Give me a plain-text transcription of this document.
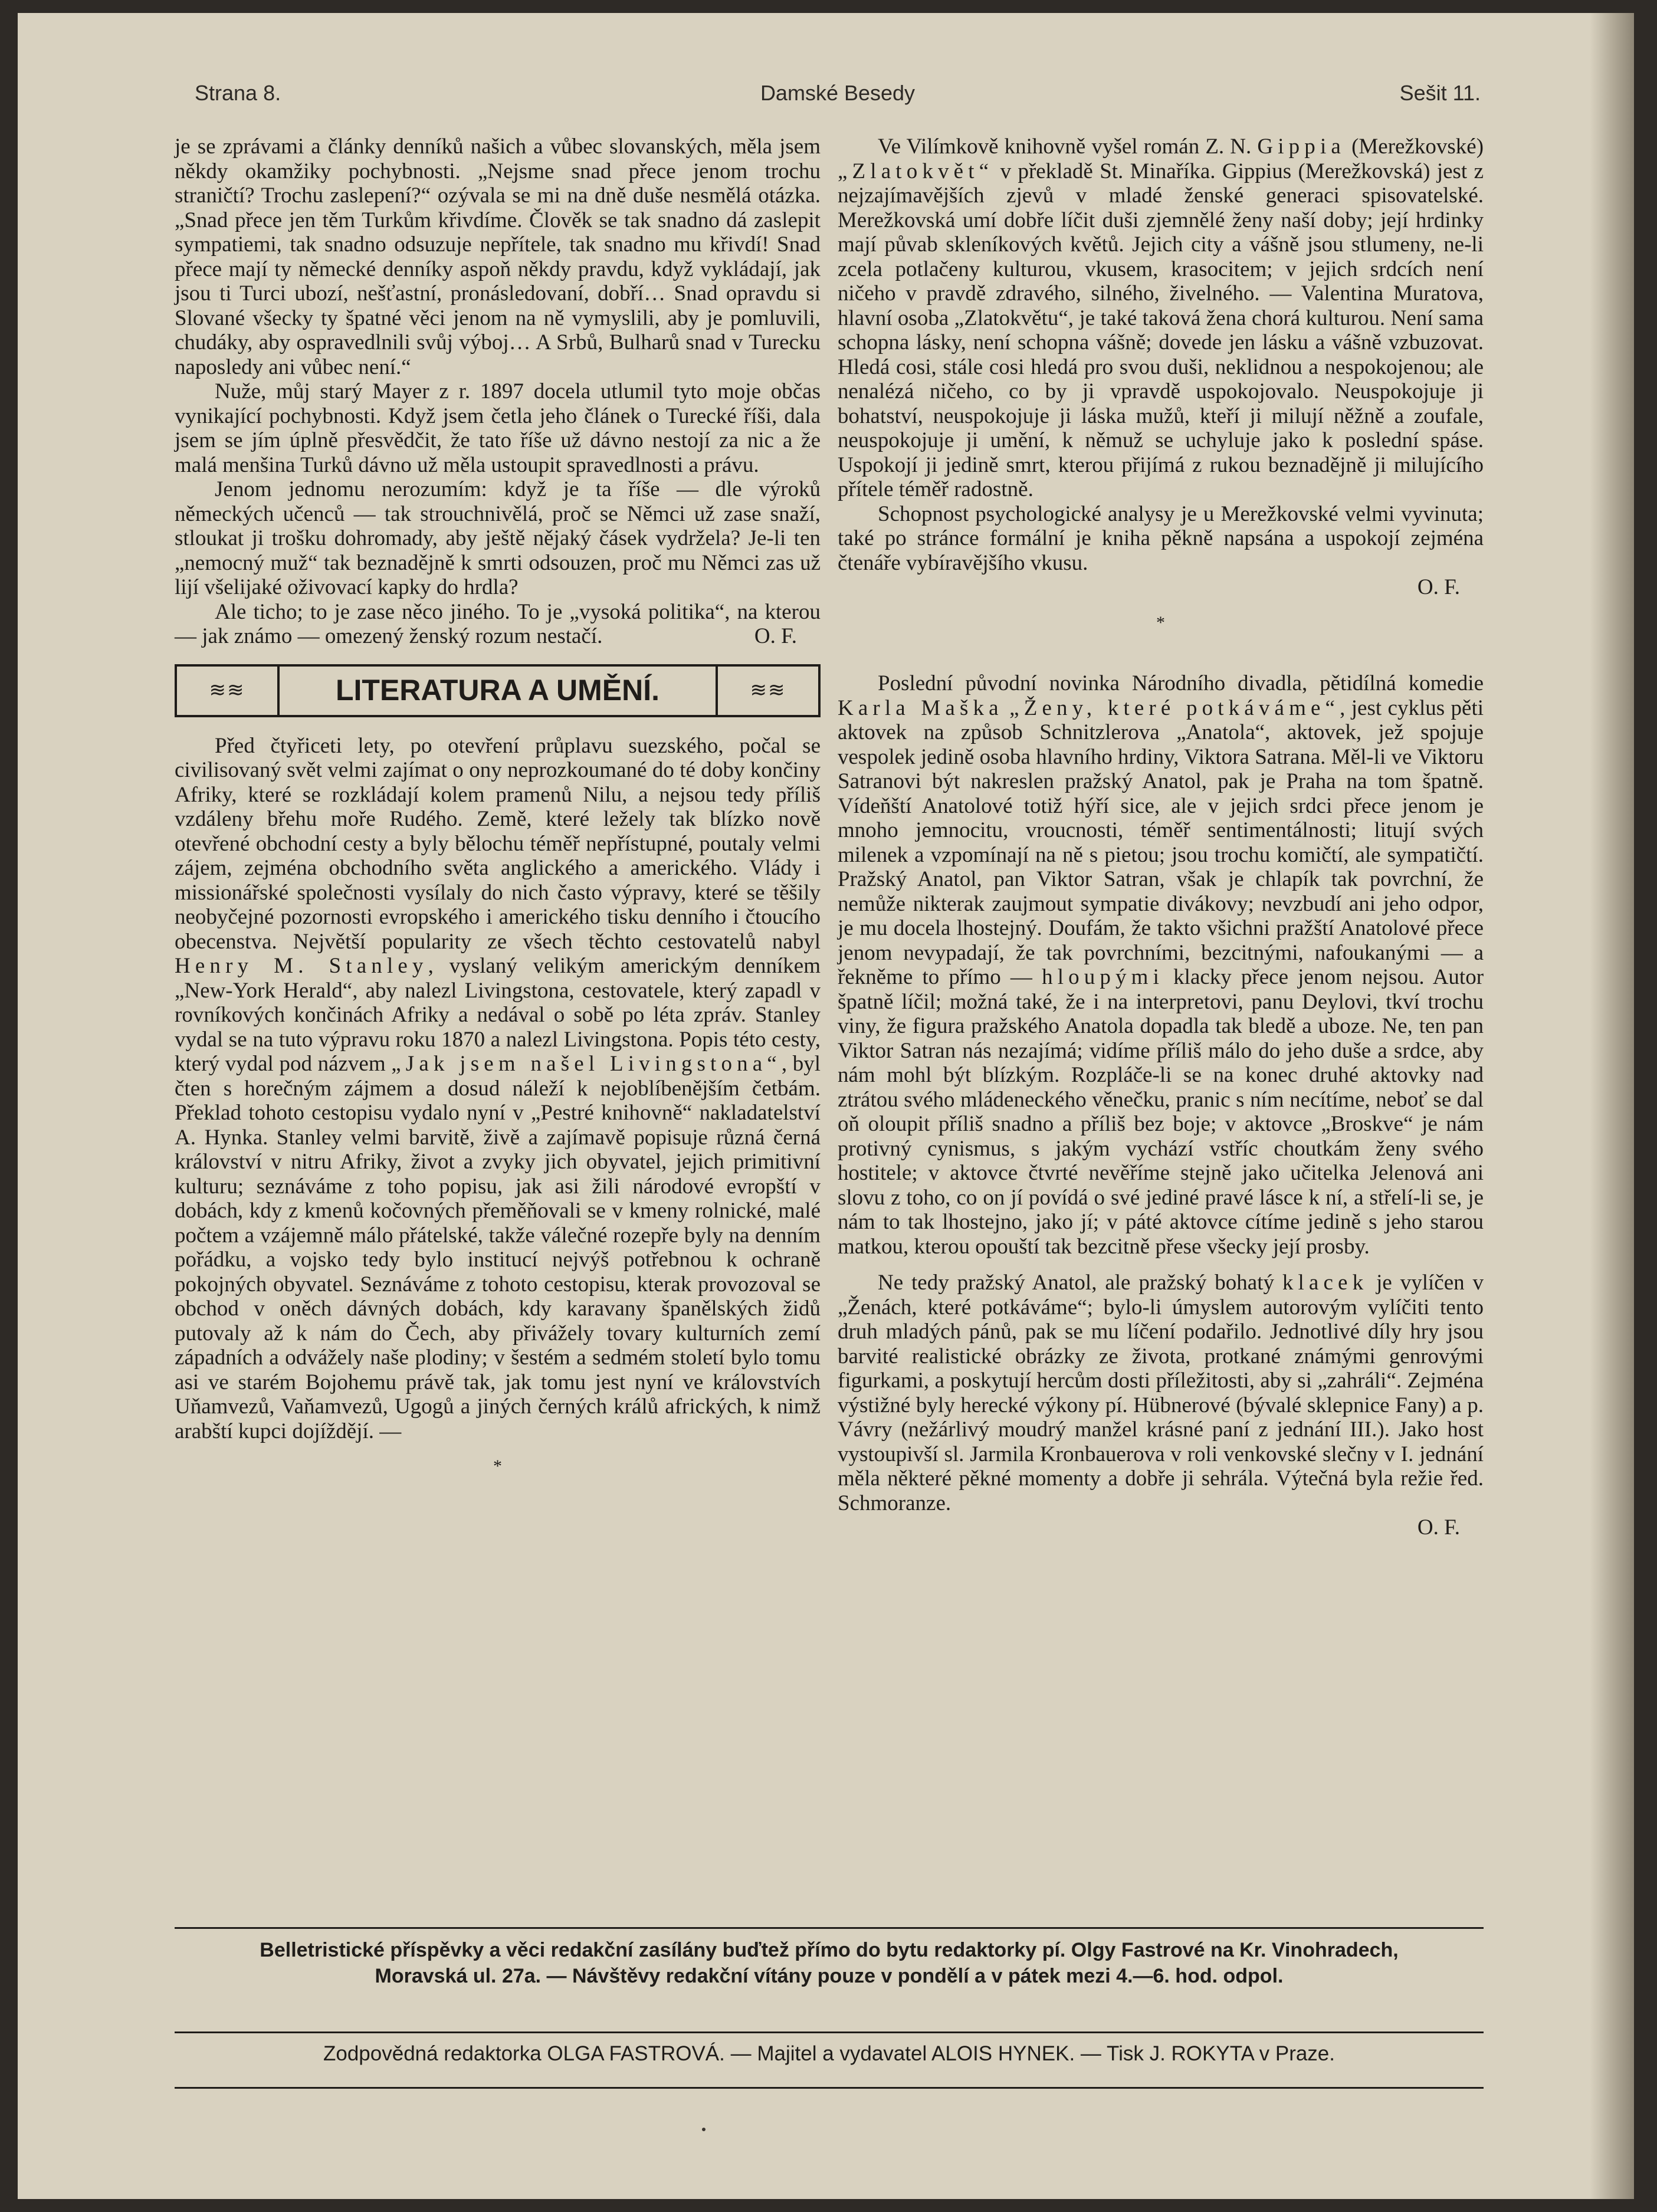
Damské Besedy
Strana 8.	Sešit 11.

je se zprávami a články denníků našich a vůbec slovanských, měla jsem někdy okamžiky pochybnosti. „Nejsme snad přece jenom trochu straničtí? Trochu zaslepení?“ ozývala se mi na dně duše nesmělá otázka. „Snad přece jen těm Turkům křivdíme. Člověk se tak snadno dá zaslepit sympatiemi, tak snadno odsuzuje nepřítele, tak snadno mu křivdí! Snad přece mají ty německé denníky aspoň někdy pravdu, když vykládají, jak jsou ti Turci ubozí, nešťastní, pronásledovaní, dobří… Snad opravdu si Slované všecky ty špatné věci jenom na ně vymyslili, aby je pomluvili, chudáky, aby ospravedlnili svůj výboj… A Srbů, Bulharů snad v Turecku naposledy ani vůbec není.“

Nuže, můj starý Mayer z r. 1897 docela utlumil tyto moje občas vynikající pochybnosti. Když jsem četla jeho článek o Turecké říši, dala jsem se jím úplně přesvědčit, že tato říše už dávno nestojí za nic a že malá menšina Turků dávno už měla ustoupit spravedlnosti a právu.

Jenom jednomu nerozumím: když je ta říše — dle výroků německých učenců — tak strouchnivělá, proč se Němci už zase snaží, stloukat ji trošku dohromady, aby ještě nějaký čásek vydržela? Je-li ten „nemocný muž“ tak beznadějně k smrti odsouzen, proč mu Němci zas už lijí všelijaké oživovací kapky do hrdla?

Ale ticho; to je zase něco jiného. To je „vysoká politika“, na kterou — jak známo — omezený ženský rozum nestačí.	O. F.

≋≋	LITERATURA A UMĚNÍ.	≋≋

Před čtyřiceti lety, po otevření průplavu suezského, počal se civilisovaný svět velmi zajímat o ony neprozkoumané do té doby končiny Afriky, které se rozkládají kolem pramenů Nilu, a nejsou tedy příliš vzdáleny břehu moře Rudého. Země, které ležely tak blízko nově otevřené obchodní cesty a byly bělochu téměř nepřístupné, poutaly velmi zájem, zejména obchodního světa anglického a amerického. Vlády i missionářské společnosti vysílaly do nich často výpravy, které se těšily neobyčejné pozornosti evropského i amerického tisku denního i čtoucího obecenstva. Největší popularity ze všech těchto cestovatelů nabyl Henry M. Stanley, vyslaný velikým americkým denníkem „New-York Herald“, aby nalezl Livingstona, cestovatele, který zapadl v rovníkových končinách Afriky a nedával o sobě po léta zpráv. Stanley vydal se na tuto výpravu roku 1870 a nalezl Livingstona. Popis této cesty, který vydal pod názvem „Jak jsem našel Livingstona“, byl čten s horečným zájmem a dosud náleží k nejoblíbenějším četbám. Překlad tohoto cestopisu vydalo nyní v „Pestré knihovně“ nakladatelství A. Hynka. Stanley velmi barvitě, živě a zajímavě popisuje různá černá království v nitru Afriky, život a zvyky jich obyvatel, jejich primitivní kulturu; seznáváme z toho popisu, jak asi žili národové evropští v dobách, kdy z kmenů kočovných přeměňovali se v kmeny rolnické, malé počtem a vzájemně málo přátelské, takže válečné rozepře byly na denním pořádku, a vojsko tedy bylo institucí nejvýš potřebnou k ochraně pokojných obyvatel. Seznáváme z tohoto cestopisu, kterak provozoval se obchod v oněch dávných dobách, kdy karavany španělských židů putovaly až k nám do Čech, aby přivážely tovary kulturních zemí západních a odvážely naše plodiny; v šestém a sedmém století bylo tomu asi ve starém Bojohemu právě tak, jak tomu jest nyní ve královstvích Uňamvezů, Vaňamvezů, Ugogů a jiných černých králů afrických, k nimž arabští kupci dojíždějí. —

*

Ve Vilímkově knihovně vyšel román Z. N. Gippia (Merežkovské) „Zlatokvět“ v překladě St. Minaříka. Gippius (Merežkovská) jest z nejzajímavějších zjevů v mladé ženské generaci spisovatelské. Merežkovská umí dobře líčit duši zjemnělé ženy naší doby; její hrdinky mají půvab skleníkových květů. Jejich city a vášně jsou stlumeny, ne-li zcela potlačeny kulturou, vkusem, krasocitem; v jejich srdcích není ničeho v pravdě zdravého, silného, živelného. — Valentina Muratova, hlavní osoba „Zlatokvětu“, je také taková žena chorá kulturou. Není sama schopna lásky, není schopna vášně; dovede jen lásku a vášně vzbuzovat. Hledá cosi, stále cosi hledá pro svou duši, neklidnou a nespokojenou; ale nenalézá ničeho, co by ji vpravdě uspokojovalo. Neuspokojuje ji bohatství, neuspokojuje ji láska mužů, kteří ji milují něžně a zoufale, neuspokojuje ji umění, k němuž se uchyluje jako k poslední spáse. Uspokojí ji jedině smrt, kterou přijímá z rukou beznadějně ji milujícího přítele téměř radostně.

Schopnost psychologické analysy je u Merežkovské velmi vyvinuta; také po stránce formální je kniha pěkně napsána a uspokojí zejména čtenáře vybíravějšího vkusu.

O. F.
*

Poslední původní novinka Národního divadla, pětidílná komedie Karla Maška „Ženy, které potkáváme“, jest cyklus pěti aktovek na způsob Schnitzlerova „Anatola“, aktovek, jež spojuje vespolek jedině osoba hlavního hrdiny, Viktora Satrana. Měl-li ve Viktoru Satranovi být nakreslen pražský Anatol, pak je Praha na tom špatně. Vídeňští Anatolové totiž hýří sice, ale v jejich srdci přece jenom je mnoho jemnocitu, vroucnosti, téměř sentimentálnosti; litují svých milenek a vzpomínají na ně s pietou; jsou trochu komičtí, ale sympatičtí. Pražský Anatol, pan Viktor Satran, však je chlapík tak povrchní, že nemůže nikterak zaujmout sympatie divákovy; nevzbudí ani jeho odpor, je mu docela lhostejný. Doufám, že takto všichni pražští Anatolové přece jenom nevypadají, že tak povrchními, bezcitnými, nafoukanými — a řekněme to přímo — hloupými klacky přece jenom nejsou. Autor špatně líčil; možná také, že i na interpretovi, panu Deylovi, tkví trochu viny, že figura pražského Anatola dopadla tak bledě a uboze. Ne, ten pan Viktor Satran nás nezajímá; vidíme příliš málo do jeho duše a srdce, aby nám mohl být blízkým. Rozpláče-li se na konec druhé aktovky nad ztrátou svého mládeneckého věnečku, pranic s ním necítíme, neboť se dal oň oloupit příliš snadno a příliš bez boje; v aktovce „Broskve“ je nám protivný cynismus, s jakým vychází vstříc choutkám ženy svého hostitele; v aktovce čtvrté nevěříme stejně jako učitelka Jelenová ani slovu z toho, co on jí povídá o své jediné pravé lásce k ní, a střelí-li se, je nám to tak lhostejno, jako jí; v páté aktovce cítíme jedině s jeho starou matkou, kterou opouští tak bezcitně přese všecky její prosby.

Ne tedy pražský Anatol, ale pražský bohatý klacek je vylíčen v „Ženách, které potkáváme“; bylo-li úmyslem autorovým vylíčiti tento druh mladých pánů, pak se mu líčení podařilo. Jednotlivé díly hry jsou barvité realistické obrázky ze života, protkané známými genrovými figurkami, a poskytují hercům dosti příležitosti, aby si „zahráli“. Zejména výstižné byly herecké výkony pí. Hübnerové (bývalé sklepnice Fany) a p. Vávry (nežárlivý moudrý manžel krásné paní z jednání III.). Jako host vystoupivší sl. Jarmila Kronbauerova v roli venkovské slečny v I. jednání měla některé pěkné momenty a dobře ji sehrála. Výtečná byla režie řed. Schmoranze.

O. F.
Belletristické příspěvky a věci redakční zasílány buďtež přímo do bytu redaktorky pí. Olgy Fastrové na Kr. Vinohradech,
Moravská ul. 27a. — Návštěvy redakční vítány pouze v pondělí a v pátek mezi 4.—6. hod. odpol.
Zodpovědná redaktorka OLGA FASTROVÁ. — Majitel a vydavatel ALOIS HYNEK. — Tisk J. ROKYTA v Praze.
